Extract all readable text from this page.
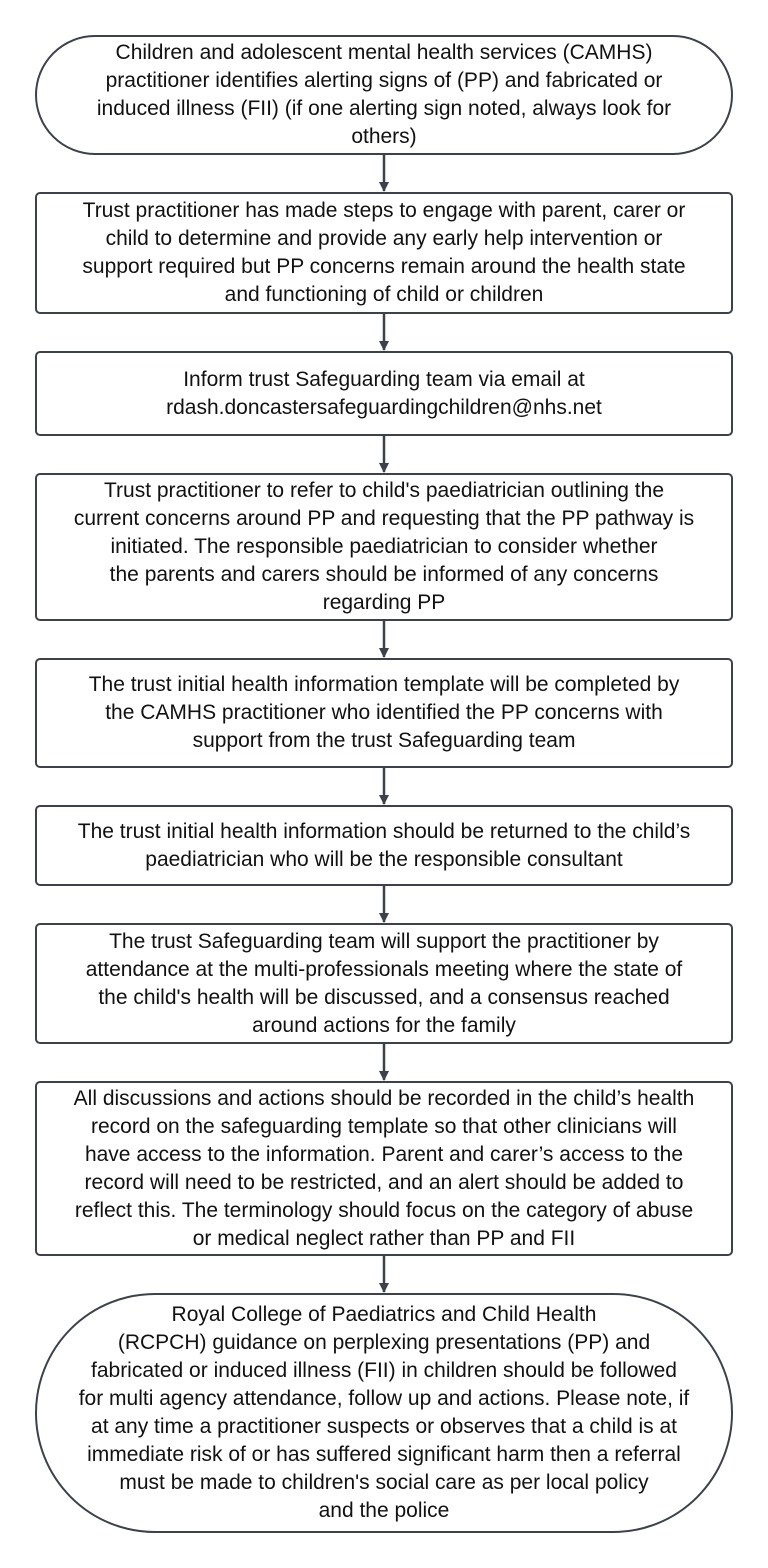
Children and adolescent mental health services (CAMHS)
practitioner identifies alerting signs of (PP) and fabricated or
induced illness (FII) (if one alerting sign noted, always look for
others)
Trust practitioner has made steps to engage with parent, carer or
child to determine and provide any early help intervention or
support required but PP concerns remain around the health state
and functioning of child or children
Inform trust Safeguarding team via email at
rdash.doncastersafeguardingchildren@nhs.net
Trust practitioner to refer to child's paediatrician outlining the
current concerns around PP and requesting that the PP pathway is
initiated. The responsible paediatrician to consider whether
the parents and carers should be informed of any concerns
regarding PP
The trust initial health information template will be completed by
the CAMHS practitioner who identified the PP concerns with
support from the trust Safeguarding team
The trust initial health information should be returned to the child’s
paediatrician who will be the responsible consultant
The trust Safeguarding team will support the practitioner by
attendance at the multi-professionals meeting where the state of
the child's health will be discussed, and a consensus reached
around actions for the family
All discussions and actions should be recorded in the child’s health
record on the safeguarding template so that other clinicians will
have access to the information. Parent and carer’s access to the
record will need to be restricted, and an alert should be added to
reflect this. The terminology should focus on the category of abuse
or medical neglect rather than PP and FII
Royal College of Paediatrics and Child Health
(RCPCH) guidance on perplexing presentations (PP) and
fabricated or induced illness (FII) in children should be followed
for multi agency attendance, follow up and actions. Please note, if
at any time a practitioner suspects or observes that a child is at
immediate risk of or has suffered significant harm then a referral
must be made to children's social care as per local policy
and the police
